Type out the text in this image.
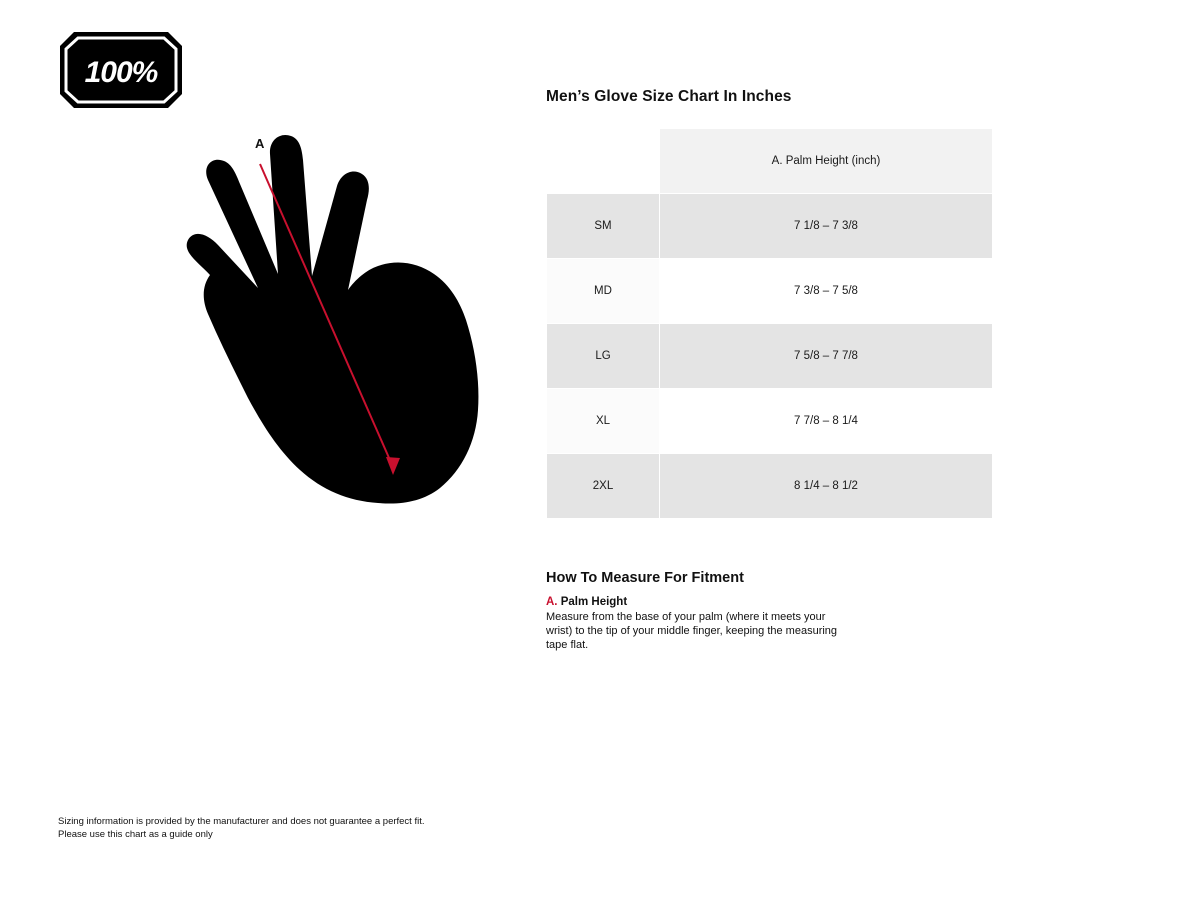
100%
A
Men’s Glove Size Chart In Inches
	A. Palm Height (inch)
SM	7 1/8 – 7 3/8
MD	7 3/8 – 7 5/8
LG	7 5/8 – 7 7/8
XL	7 7/8 – 8 1/4
2XL	8 1/4 – 8 1/2
How To Measure For Fitment

A. Palm Height

Measure from the base of your palm (where it meets your wrist) to the tip of your middle finger, keeping the measuring tape flat.

Sizing information is provided by the manufacturer and does not guarantee a perfect fit.
Please use this chart as a guide only
